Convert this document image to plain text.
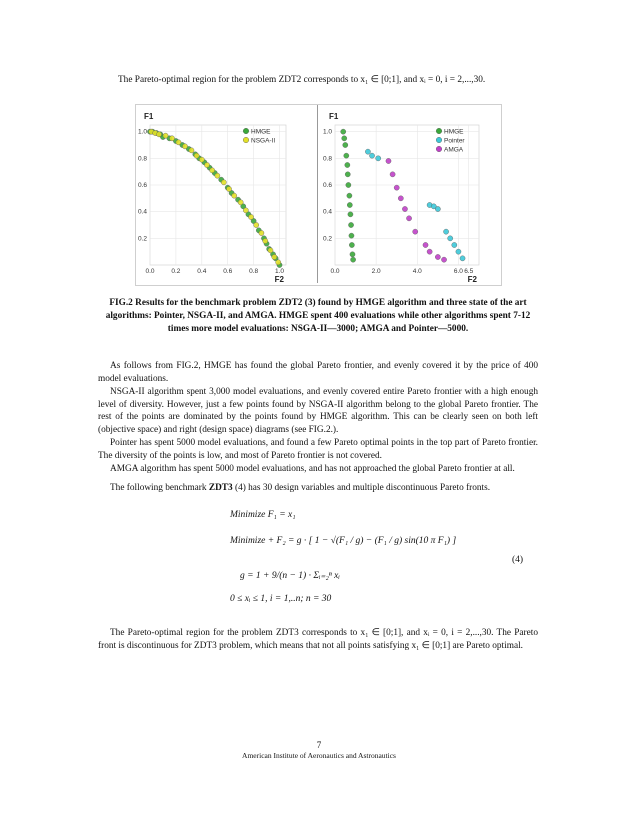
The Pareto-optimal region for the problem ZDT2 corresponds to x₁ ∈ [0;1], and xᵢ = 0, i = 2,...,30.

0.2
0.4
0.6
0.8
1.0
0.0	0.2	0.4	0.6	0.8	1.0
F1
F2
HMGE
NSGA-II
0.2
0.4
0.6
0.8
1.0
0.0	2.0	4.0	6.0 6.5
F1
F2
HMGE
Pointer
AMGA
FIG.2 Results for the benchmark problem ZDT2 (3) found by HMGE algorithm and three state of the art algorithms: Pointer, NSGA-II, and AMGA. HMGE spent 400 evaluations while other algorithms spent 7-12 times more model evaluations: NSGA-II—3000; AMGA and Pointer—5000.

As follows from FIG.2, HMGE has found the global Pareto frontier, and evenly covered it by the price of 400 model evaluations.

NSGA-II algorithm spent 3,000 model evaluations, and evenly covered entire Pareto frontier with a high enough level of diversity. However, just a few points found by NSGA-II algorithm belong to the global Pareto frontier. The rest of the points are dominated by the points found by HMGE algorithm. This can be clearly seen on both left (objective space) and right (design space) diagrams (see FIG.2.).

Pointer has spent 5000 model evaluations, and found a few Pareto optimal points in the top part of Pareto frontier. The diversity of the points is low, and most of Pareto frontier is not covered.

AMGA algorithm has spent 5000 model evaluations, and has not approached the global Pareto frontier at all.

The following benchmark ZDT3 (4) has 30 design variables and multiple discontinuous Pareto fronts.

Minimize F₁ = x₁
Minimize + F₂ = g · [ 1 − √(F₁ / g) − (F₁ / g) sin(10 π F₁) ]
g = 1 + 9/(n − 1) · Σᵢ₌₂ⁿ xᵢ
0 ≤ xᵢ ≤ 1, i = 1,..n; n = 30
(4)

The Pareto-optimal region for the problem ZDT3 corresponds to x₁ ∈ [0;1], and xᵢ = 0, i = 2,...,30. The Pareto front is discontinuous for ZDT3 problem, which means that not all points satisfying x₁ ∈ [0;1] are Pareto optimal.

7
American Institute of Aeronautics and Astronautics
